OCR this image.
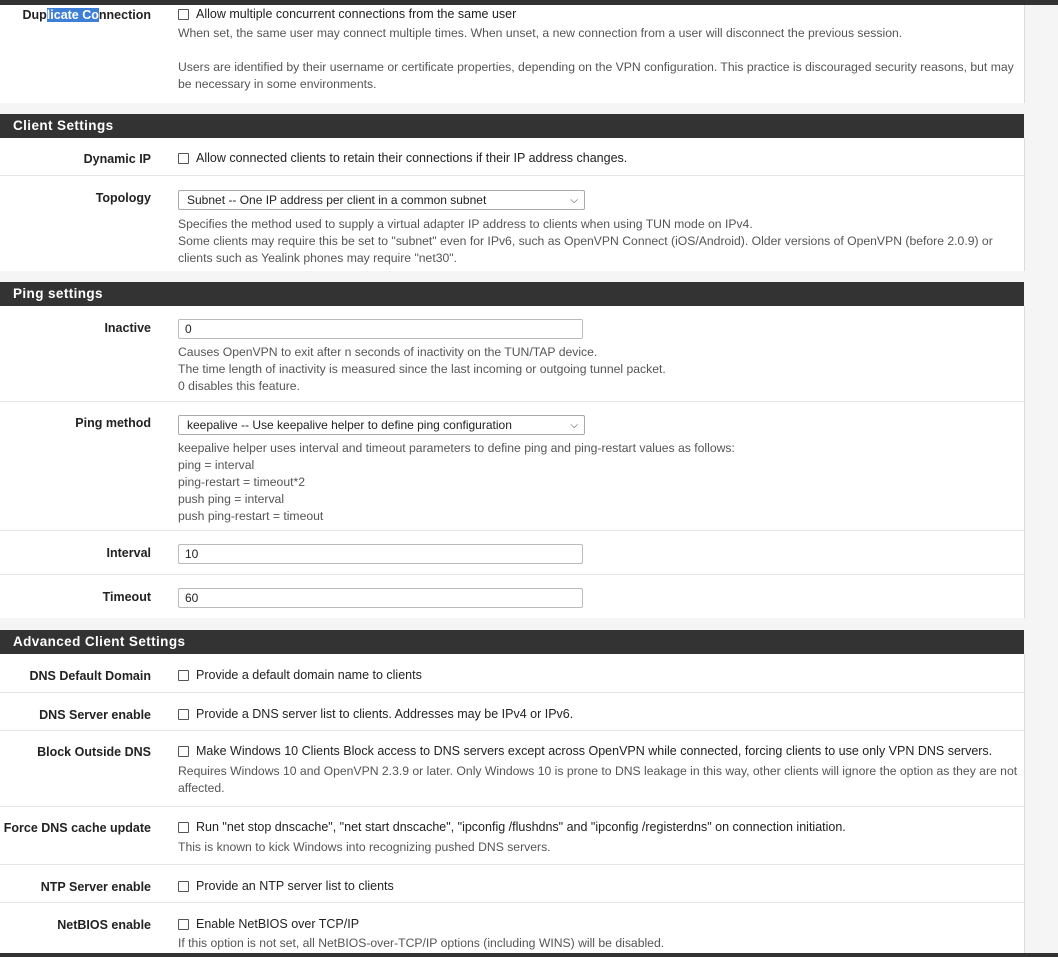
Duplicate Connection	Allow multiple concurrent connections from the same user
When set, the same user may connect multiple times. When unset, a new connection from a user will disconnect the previous session.
Users are identified by their username or certificate properties, depending on the VPN configuration. This practice is discouraged security reasons, but may be necessary in some environments.
Client Settings
Dynamic IP	Allow connected clients to retain their connections if their IP address changes.
Topology	Subnet -- One IP address per client in a common subnet	⌵
Specifies the method used to supply a virtual adapter IP address to clients when using TUN mode on IPv4.
Some clients may require this be set to "subnet" even for IPv6, such as OpenVPN Connect (iOS/Android). Older versions of OpenVPN (before 2.0.9) or clients such as Yealink phones may require "net30".
Ping settings
Inactive	0
Causes OpenVPN to exit after n seconds of inactivity on the TUN/TAP device.
The time length of inactivity is measured since the last incoming or outgoing tunnel packet.
0 disables this feature.
Ping method	keepalive -- Use keepalive helper to define ping configuration	⌵
keepalive helper uses interval and timeout parameters to define ping and ping-restart values as follows:
ping = interval
ping-restart = timeout*2
push ping = interval
push ping-restart = timeout
Interval	10
Timeout	60
Advanced Client Settings
DNS Default Domain	Provide a default domain name to clients
DNS Server enable	Provide a DNS server list to clients. Addresses may be IPv4 or IPv6.
Block Outside DNS	Make Windows 10 Clients Block access to DNS servers except across OpenVPN while connected, forcing clients to use only VPN DNS servers.
Requires Windows 10 and OpenVPN 2.3.9 or later. Only Windows 10 is prone to DNS leakage in this way, other clients will ignore the option as they are not affected.
Force DNS cache update	Run "net stop dnscache", "net start dnscache", "ipconfig /flushdns" and "ipconfig /registerdns" on connection initiation.
This is known to kick Windows into recognizing pushed DNS servers.
NTP Server enable	Provide an NTP server list to clients
NetBIOS enable	Enable NetBIOS over TCP/IP
If this option is not set, all NetBIOS-over-TCP/IP options (including WINS) will be disabled.
